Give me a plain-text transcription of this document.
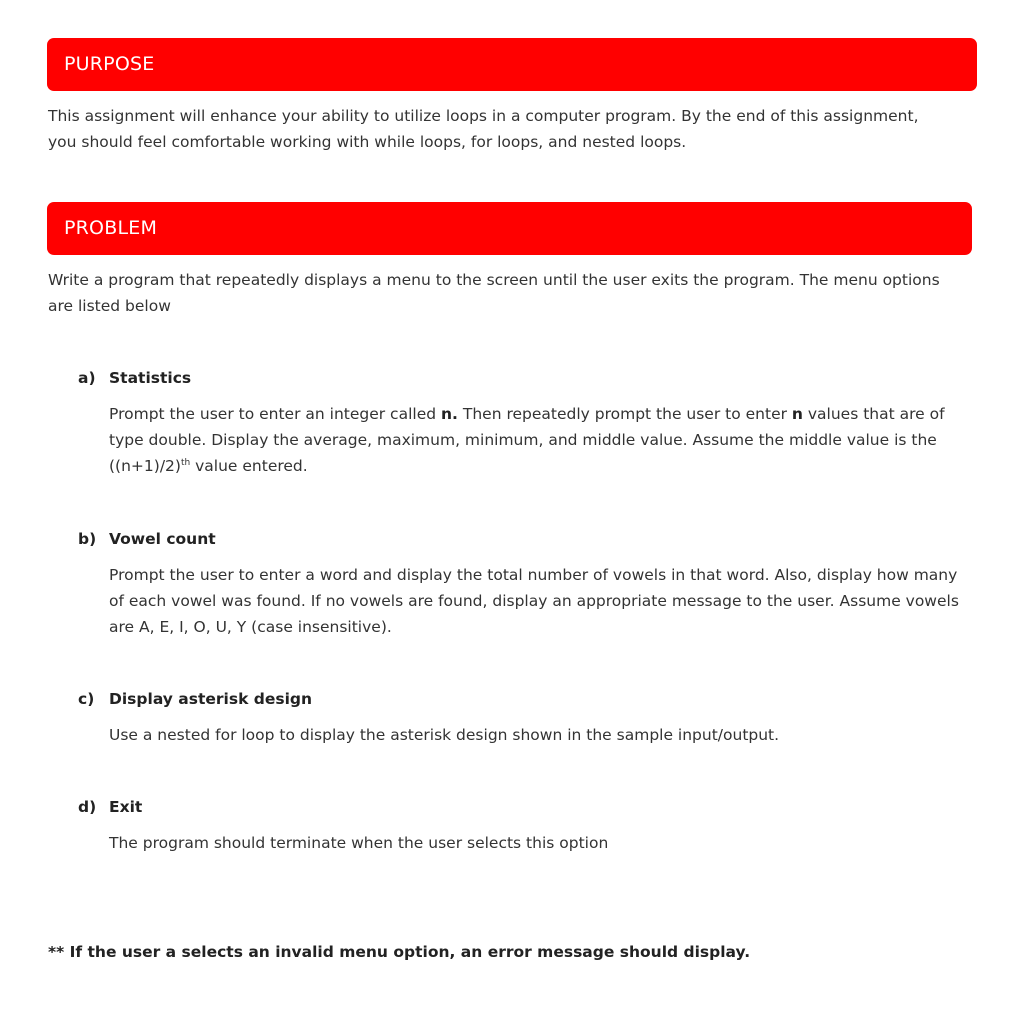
PURPOSE

This assignment will enhance your ability to utilize loops in a computer program. By the end of this assignment, you should feel comfortable working with while loops, for loops, and nested loops.

PROBLEM

Write a program that repeatedly displays a menu to the screen until the user exits the program. The menu options are listed below

a) Statistics

Prompt the user to enter an integer called n. Then repeatedly prompt the user to enter n values that are of type double. Display the average, maximum, minimum, and middle value. Assume the middle value is the $((n+1)/2)^{th}$ value entered.

b) Vowel count

Prompt the user to enter a word and display the total number of vowels in that word. Also, display how many of each vowel was found. If no vowels are found, display an appropriate message to the user. Assume vowels are A, E, I, O, U, Y (case insensitive).

c) Display asterisk design

Use a nested for loop to display the asterisk design shown in the sample input/output.

d) Exit

The program should terminate when the user selects this option

** If the user a selects an invalid menu option, an error message should display.
